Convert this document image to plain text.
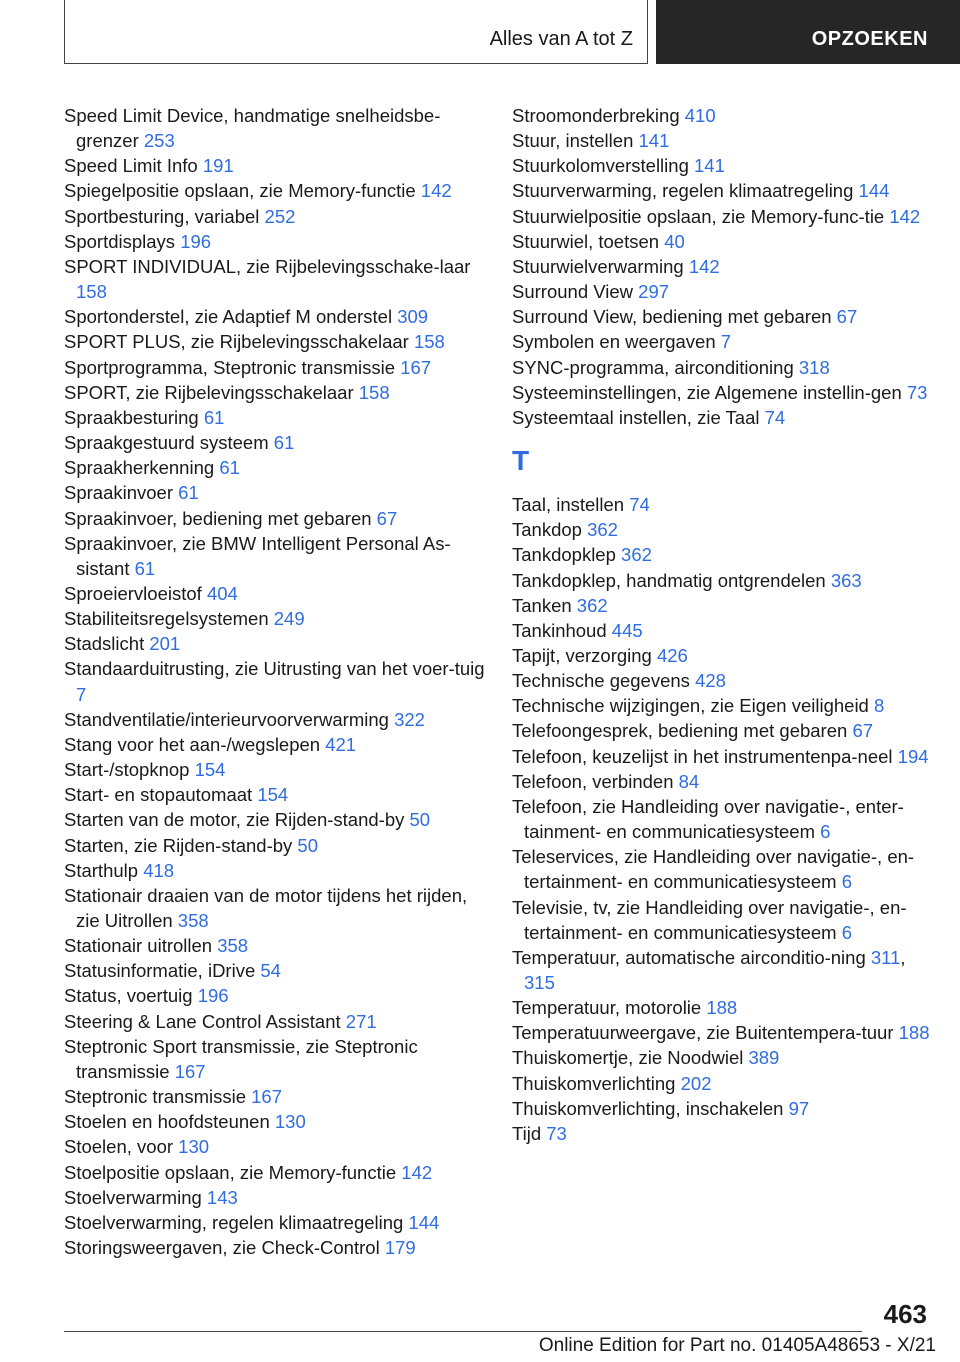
Alles van A tot Z	OPZOEKEN

Speed Limit Device, handmatige snelheidsbe-grenzer 253

Speed Limit Info 191

Spiegelpositie opslaan, zie Memory-functie 142

Sportbesturing, variabel 252

Sportdisplays 196

SPORT INDIVIDUAL, zie Rijbelevingsschake-laar 158

Sportonderstel, zie Adaptief M onderstel 309

SPORT PLUS, zie Rijbelevingsschakelaar 158

Sportprogramma, Steptronic transmissie 167

SPORT, zie Rijbelevingsschakelaar 158

Spraakbesturing 61

Spraakgestuurd systeem 61

Spraakherkenning 61

Spraakinvoer 61

Spraakinvoer, bediening met gebaren 67

Spraakinvoer, zie BMW Intelligent Personal As-sistant 61

Sproeiervloeistof 404

Stabiliteitsregelsystemen 249

Stadslicht 201

Standaarduitrusting, zie Uitrusting van het voer-tuig 7

Standventilatie/interieurvoorverwarming 322

Stang voor het aan-/wegslepen 421

Start-/stopknop 154

Start- en stopautomaat 154

Starten van de motor, zie Rijden-stand-by 50

Starten, zie Rijden-stand-by 50

Starthulp 418

Stationair draaien van de motor tijdens het rijden, zie Uitrollen 358

Stationair uitrollen 358

Statusinformatie, iDrive 54

Status, voertuig 196

Steering & Lane Control Assistant 271

Steptronic Sport transmissie, zie Steptronic transmissie 167

Steptronic transmissie 167

Stoelen en hoofdsteunen 130

Stoelen, voor 130

Stoelpositie opslaan, zie Memory-functie 142

Stoelverwarming 143

Stoelverwarming, regelen klimaatregeling 144

Storingsweergaven, zie Check-Control 179

Stroomonderbreking 410

Stuur, instellen 141

Stuurkolomverstelling 141

Stuurverwarming, regelen klimaatregeling 144

Stuurwielpositie opslaan, zie Memory-func-tie 142

Stuurwiel, toetsen 40

Stuurwielverwarming 142

Surround View 297

Surround View, bediening met gebaren 67

Symbolen en weergaven 7

SYNC-programma, airconditioning 318

Systeeminstellingen, zie Algemene instellin-gen 73

Systeemtaal instellen, zie Taal 74

T

Taal, instellen 74

Tankdop 362

Tankdopklep 362

Tankdopklep, handmatig ontgrendelen 363

Tanken 362

Tankinhoud 445

Tapijt, verzorging 426

Technische gegevens 428

Technische wijzigingen, zie Eigen veiligheid 8

Telefoongesprek, bediening met gebaren 67

Telefoon, keuzelijst in het instrumentenpa-neel 194

Telefoon, verbinden 84

Telefoon, zie Handleiding over navigatie-, enter-tainment- en communicatiesysteem 6

Teleservices, zie Handleiding over navigatie-, en-tertainment- en communicatiesysteem 6

Televisie, tv, zie Handleiding over navigatie-, en-tertainment- en communicatiesysteem 6

Temperatuur, automatische airconditio-ning 311, 315

Temperatuur, motorolie 188

Temperatuurweergave, zie Buitentempera-tuur 188

Thuiskomertje, zie Noodwiel 389

Thuiskomverlichting 202

Thuiskomverlichting, inschakelen 97

Tijd 73

463
Online Edition for Part no. 01405A48653 - X/21
